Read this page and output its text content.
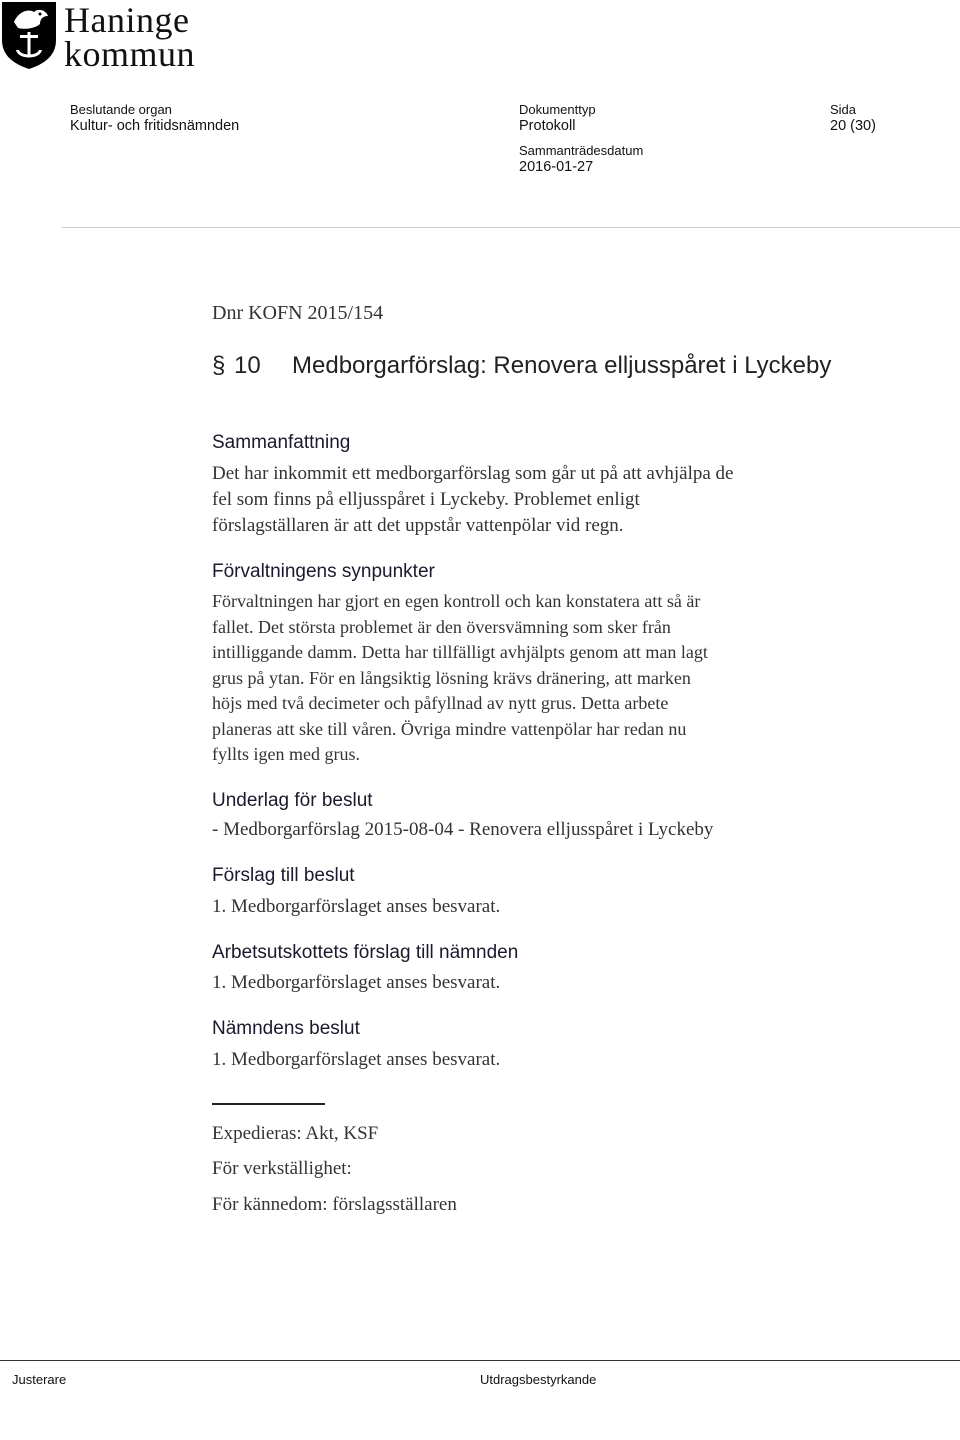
Haninge
kommun
Beslutande organ
Kultur- och fritidsnämnden
Dokumenttyp
Protokoll
Sammanträdesdatum
2016-01-27
Sida
20 (30)
Dnr KOFN 2015/154
§ 10 Medborgarförslag: Renovera elljusspåret i Lyckeby
Sammanfattning
Det har inkommit ett medborgarförslag som går ut på att avhjälpa de
fel som finns på elljusspåret i Lyckeby. Problemet enligt
förslagställaren är att det uppstår vattenpölar vid regn.
Förvaltningens synpunkter
Förvaltningen har gjort en egen kontroll och kan konstatera att så är
fallet. Det största problemet är den översvämning som sker från
intilliggande damm. Detta har tillfälligt avhjälpts genom att man lagt
grus på ytan. För en långsiktig lösning krävs dränering, att marken
höjs med två decimeter och påfyllnad av nytt grus. Detta arbete
planeras att ske till våren. Övriga mindre vattenpölar har redan nu
fyllts igen med grus.
Underlag för beslut
- Medborgarförslag 2015-08-04 - Renovera elljusspåret i Lyckeby
Förslag till beslut
1. Medborgarförslaget anses besvarat.
Arbetsutskottets förslag till nämnden
1. Medborgarförslaget anses besvarat.
Nämndens beslut
1. Medborgarförslaget anses besvarat.
Expedieras: Akt, KSF
För verkställighet:
För kännedom: förslagsställaren
Justerare	Utdragsbestyrkande
